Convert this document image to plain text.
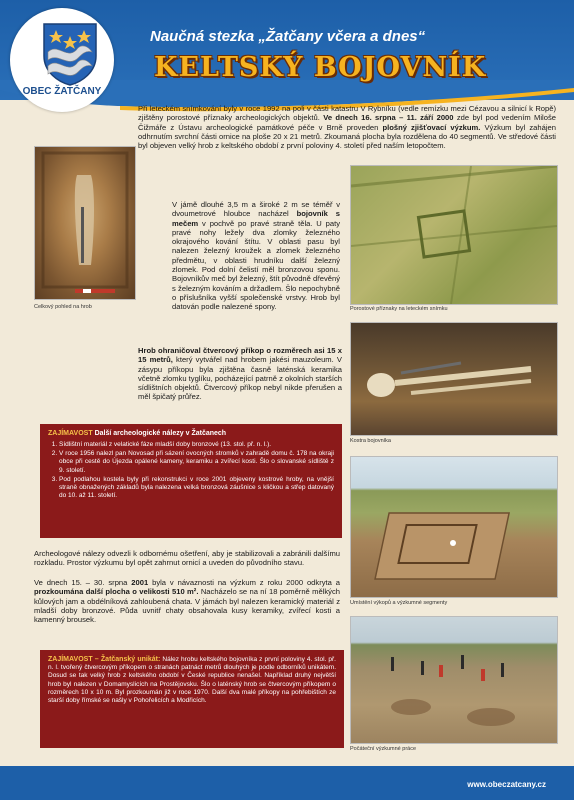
OBEC ŽATČANY
Naučná stezka „Žatčany včera a dnes“
KELTSKÝ BOJOVNÍK
Při leteckém snímkování byly v roce 1992 na poli v části katastru V Rybníku (vedle remízku mezi Cézavou a silnicí k Ropě) zjištěny porostové příznaky archeologických objektů. Ve dnech 16. srpna – 11. září 2000 zde byl pod vedením Miloše Čižmáře z Ústavu archeologické památkové péče v Brně proveden plošný zjišťovací výzkum. Výzkum byl zahájen odhrnutím svrchní části ornice na ploše 20 x 21 metrů. Zkoumaná plocha byla rozdělena do 40 segmentů. Ve středové části byl objeven velký hrob z keltského období z první poloviny 4. století před naším letopočtem.
Celkový pohled na hrob
V jámě dlouhé 3,5 m a široké 2 m se téměř v dvoumetrové hloubce nacházel bojovník s mečem v pochvě po pravé straně těla. U paty pravé nohy ležely dva zlomky železného okrajového kování štítu. V oblasti pasu byl nalezen železný kroužek a zlomek železného předmětu, v oblasti hrudníku další železný zlomek. Pod dolní čelistí měl bronzovou sponu. Bojovníkův meč byl železný, štít původně dřevěný s železným kováním a držadlem. Šlo nepochybně o příslušníka vyšší společenské vrstvy. Hrob byl datován podle nalezené spony.
Hrob ohraničoval čtvercový příkop o rozměrech asi 15 x 15 metrů, který vytvářel nad hrobem jakési mauzoleum. V zásypu příkopu byla zjištěna časně laténská keramika včetně zlomku tyglíku, pocházející patrně z okolních starších sídlištních objektů. Čtvercový příkop nebyl nikde přerušen a měl špičatý průřez.
Porostové příznaky na leteckém snímku
Kostra bojovníka
ZAJÍMAVOST Další archeologické nálezy v Žatčanech
1. Sídlištní materiál z velatické fáze mladší doby bronzové (13. stol. př. n. l.).
2. V roce 1956 nalezl pan Novosad při sázení ovocných stromků v zahradě domu č. 178 na okraji obce při cestě do Újezda opálené kameny, keramiku a zvířecí kosti. Šlo o slovanské sídliště z 9. století.
3. Pod podlahou kostela byly při rekonstrukci v roce 2001 objeveny kostrové hroby, na vnější straně obnažených základů byla nalezena velká bronzová záušnice s kličkou a střep datovaný do 10. až 11. století.
Umístění výkopů a výzkumné segmenty
Archeologové nálezy odvezli k odbornému ošetření, aby je stabilizovali a zabránili dalšímu rozkladu. Prostor výzkumu byl opět zahrnut ornicí a uveden do původního stavu.
Ve dnech 15. – 30. srpna 2001 byla v návaznosti na výzkum z roku 2000 odkryta a prozkoumána další plocha o velikosti 510 m². Nacházelo se na ní 18 poměrně mělkých kůlových jam a obdélníková zahloubená chata. V jámách byl nalezen keramický materiál z mladší doby bronzové. Půda uvnitř chaty obsahovala kusy keramiky, zvířecí kosti a kamenný brousek.
ZAJÍMAVOST – Žatčanský unikát: Nález hrobu keltského bojovníka z první poloviny 4. stol. př. n. l. tvořený čtvercovým příkopem o stranách patnáct metrů dlouhých je podle odborníků unikátem. Dosud se tak velký hrob z keltského období v České republice nenašel. Například druhý největší hrob byl nalezen v Domamyslicích na Prostějovsku. Šlo o laténský hrob se čtvercovým příkopem o rozměrech 10 x 10 m. Byl prozkoumán již v roce 1970. Další dva malé příkopy na pohřebištích ze starší doby římské se našly v Pohořelicích a Modřicích.
Počáteční výzkumné práce
www.obeczatcany.cz
